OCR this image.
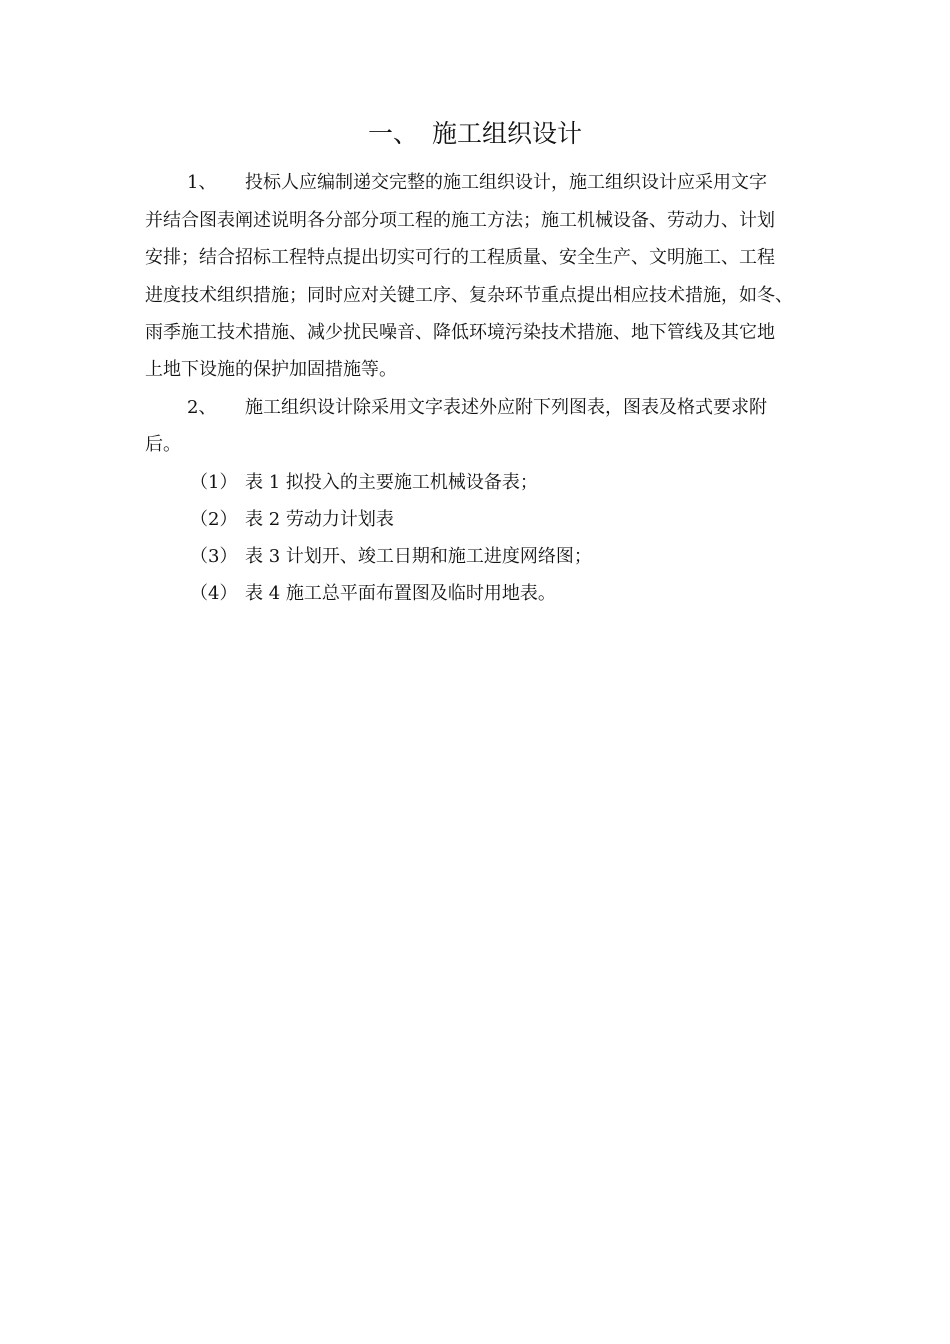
一、 施工组织设计
1、 投标人应编制递交完整的施工组织设计，施工组织设计应采用文字
并结合图表阐述说明各分部分项工程的施工方法；施工机械设备、劳动力、计划
安排；结合招标工程特点提出切实可行的工程质量、安全生产、文明施工、工程
进度技术组织措施；同时应对关键工序、复杂环节重点提出相应技术措施，如冬、
雨季施工技术措施、减少扰民噪音、降低环境污染技术措施、地下管线及其它地
上地下设施的保护加固措施等。
2、 施工组织设计除采用文字表述外应附下列图表，图表及格式要求附
后。
（1） 表 1 拟投入的主要施工机械设备表；
（2） 表 2 劳动力计划表
（3） 表 3 计划开、竣工日期和施工进度网络图；
（4） 表 4 施工总平面布置图及临时用地表。
